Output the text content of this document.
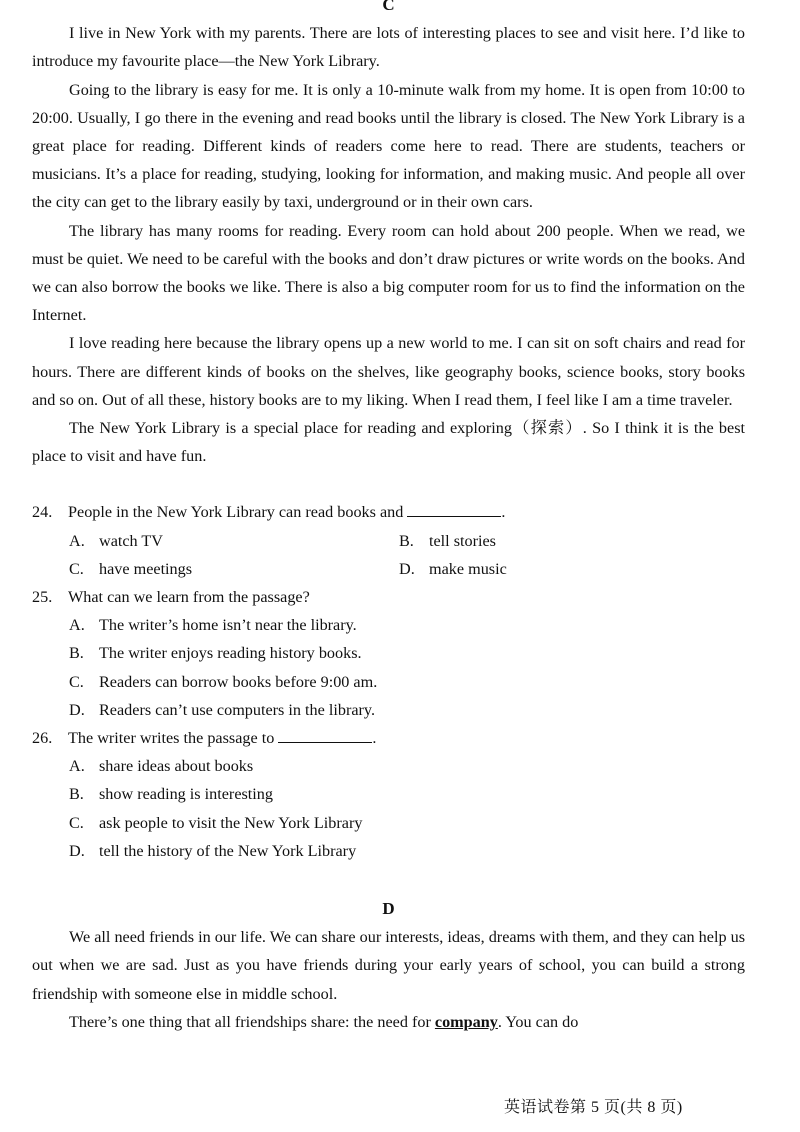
C

I live in New York with my parents. There are lots of interesting places to see and visit here. I’d like to introduce my favourite place—the New York Library.

Going to the library is easy for me. It is only a 10-minute walk from my home. It is open from 10:00 to 20:00. Usually, I go there in the evening and read books until the library is closed. The New York Library is a great place for reading. Different kinds of readers come here to read. There are students, teachers or musicians. It’s a place for reading, studying, looking for information, and making music. And people all over the city can get to the library easily by taxi, underground or in their own cars.

The library has many rooms for reading. Every room can hold about 200 people. When we read, we must be quiet. We need to be careful with the books and don’t draw pictures or write words on the books. And we can also borrow the books we like. There is also a big computer room for us to find the information on the Internet.

I love reading here because the library opens up a new world to me. I can sit on soft chairs and read for hours. There are different kinds of books on the shelves, like geography books, science books, story books and so on. Out of all these, history books are to my liking. When I read them, I feel like I am a time traveler.

The New York Library is a special place for reading and exploring（探索）. So I think it is the best place to visit and have fun.

24. People in the New York Library can read books and	.

A. watch TV	B. tell stories
C. have meetings	D. make music

25. What can we learn from the passage?

A. The writer’s home isn’t near the library.

B. The writer enjoys reading history books.

C. Readers can borrow books before 9:00 am.

D. Readers can’t use computers in the library.

26. The writer writes the passage to	.

A. share ideas about books

B. show reading is interesting

C. ask people to visit the New York Library

D. tell the history of the New York Library

D

We all need friends in our life. We can share our interests, ideas, dreams with them, and they can help us out when we are sad. Just as you have friends during your early years of school, you can build a strong friendship with someone else in middle school.

There’s one thing that all friendships share: the need for company. You can do

英语试卷第 5 页(共 8 页)
